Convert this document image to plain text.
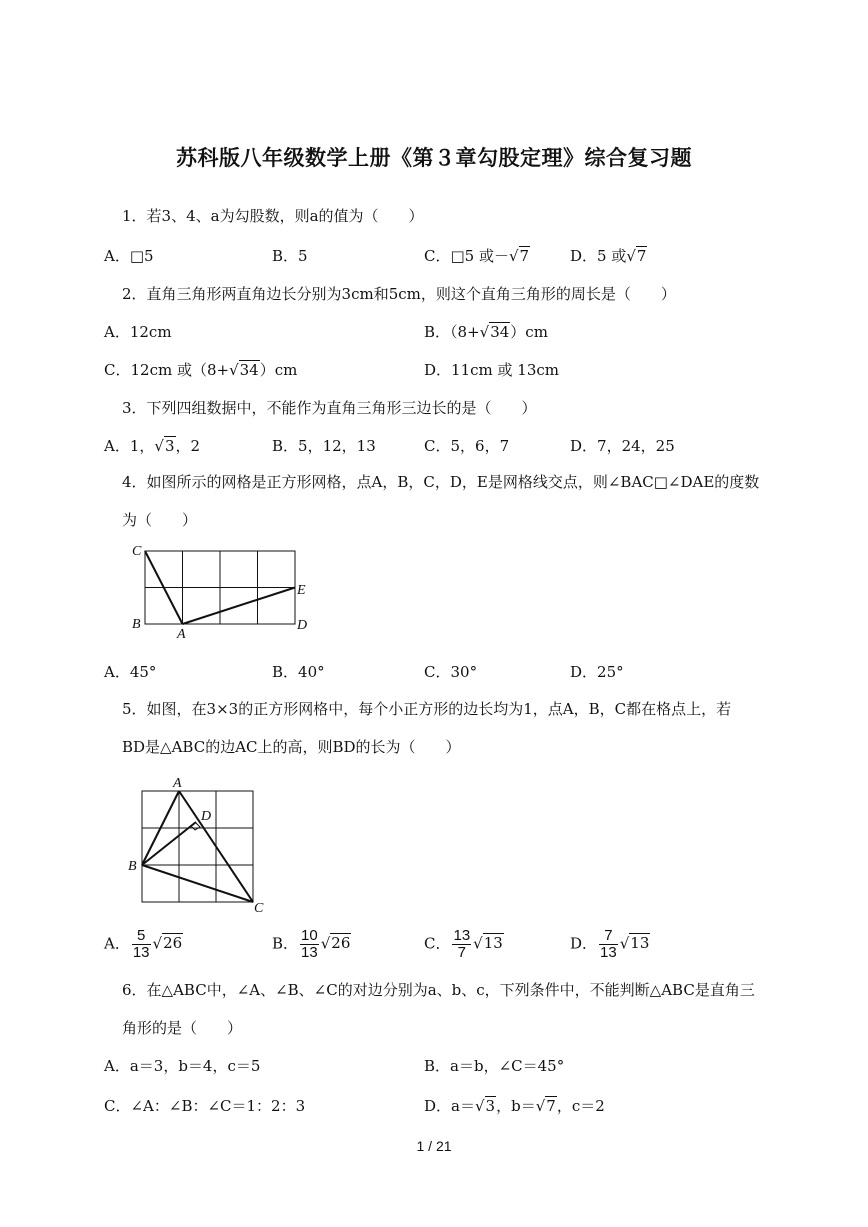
苏科版八年级数学上册《第３章勾股定理》综合复习题
1．若3、4、a为勾股数，则a的值为（　　）
A．□5	B．5	C．□5 或－√7	D．5 或√7
2．直角三角形两直角边长分别为3cm和5cm，则这个直角三角形的周长是（　　）
A．12cm	B．（8+√34）cm
C．12cm 或（8+√34）cm	D．11cm 或 13cm
3．下列四组数据中，不能作为直角三角形三边长的是（　　）
A．1，√3，2	B．5，12，13	C．5，6，7	D．7，24，25
4．如图所示的网格是正方形网格，点A，B，C，D，E是网格线交点，则∠BAC□∠DAE的度数
为（　　）
C
B
A
E
D
A．45°	B．40°	C．30°	D．25°
5．如图，在3×3的正方形网格中，每个小正方形的边长均为1，点A，B，C都在格点上，若
BD是△ABC的边AC上的高，则BD的长为（　　）
A
D
B
C
A． $\frac{5}{13} √26$	B． $\frac{10}{13} √26$	C． $\frac{13}{7} √13$	D． $\frac{7}{13} √13$
6．在△ABC中，∠A、∠B、∠C的对边分别为a、b、c，下列条件中，不能判断△ABC是直角三
角形的是（　　）
A．a＝3，b＝4，c＝5	B．a＝b，∠C＝45°
C．∠A：∠B：∠C＝1：2：3	D．a＝√3，b＝√7，c＝2
1 / 21
